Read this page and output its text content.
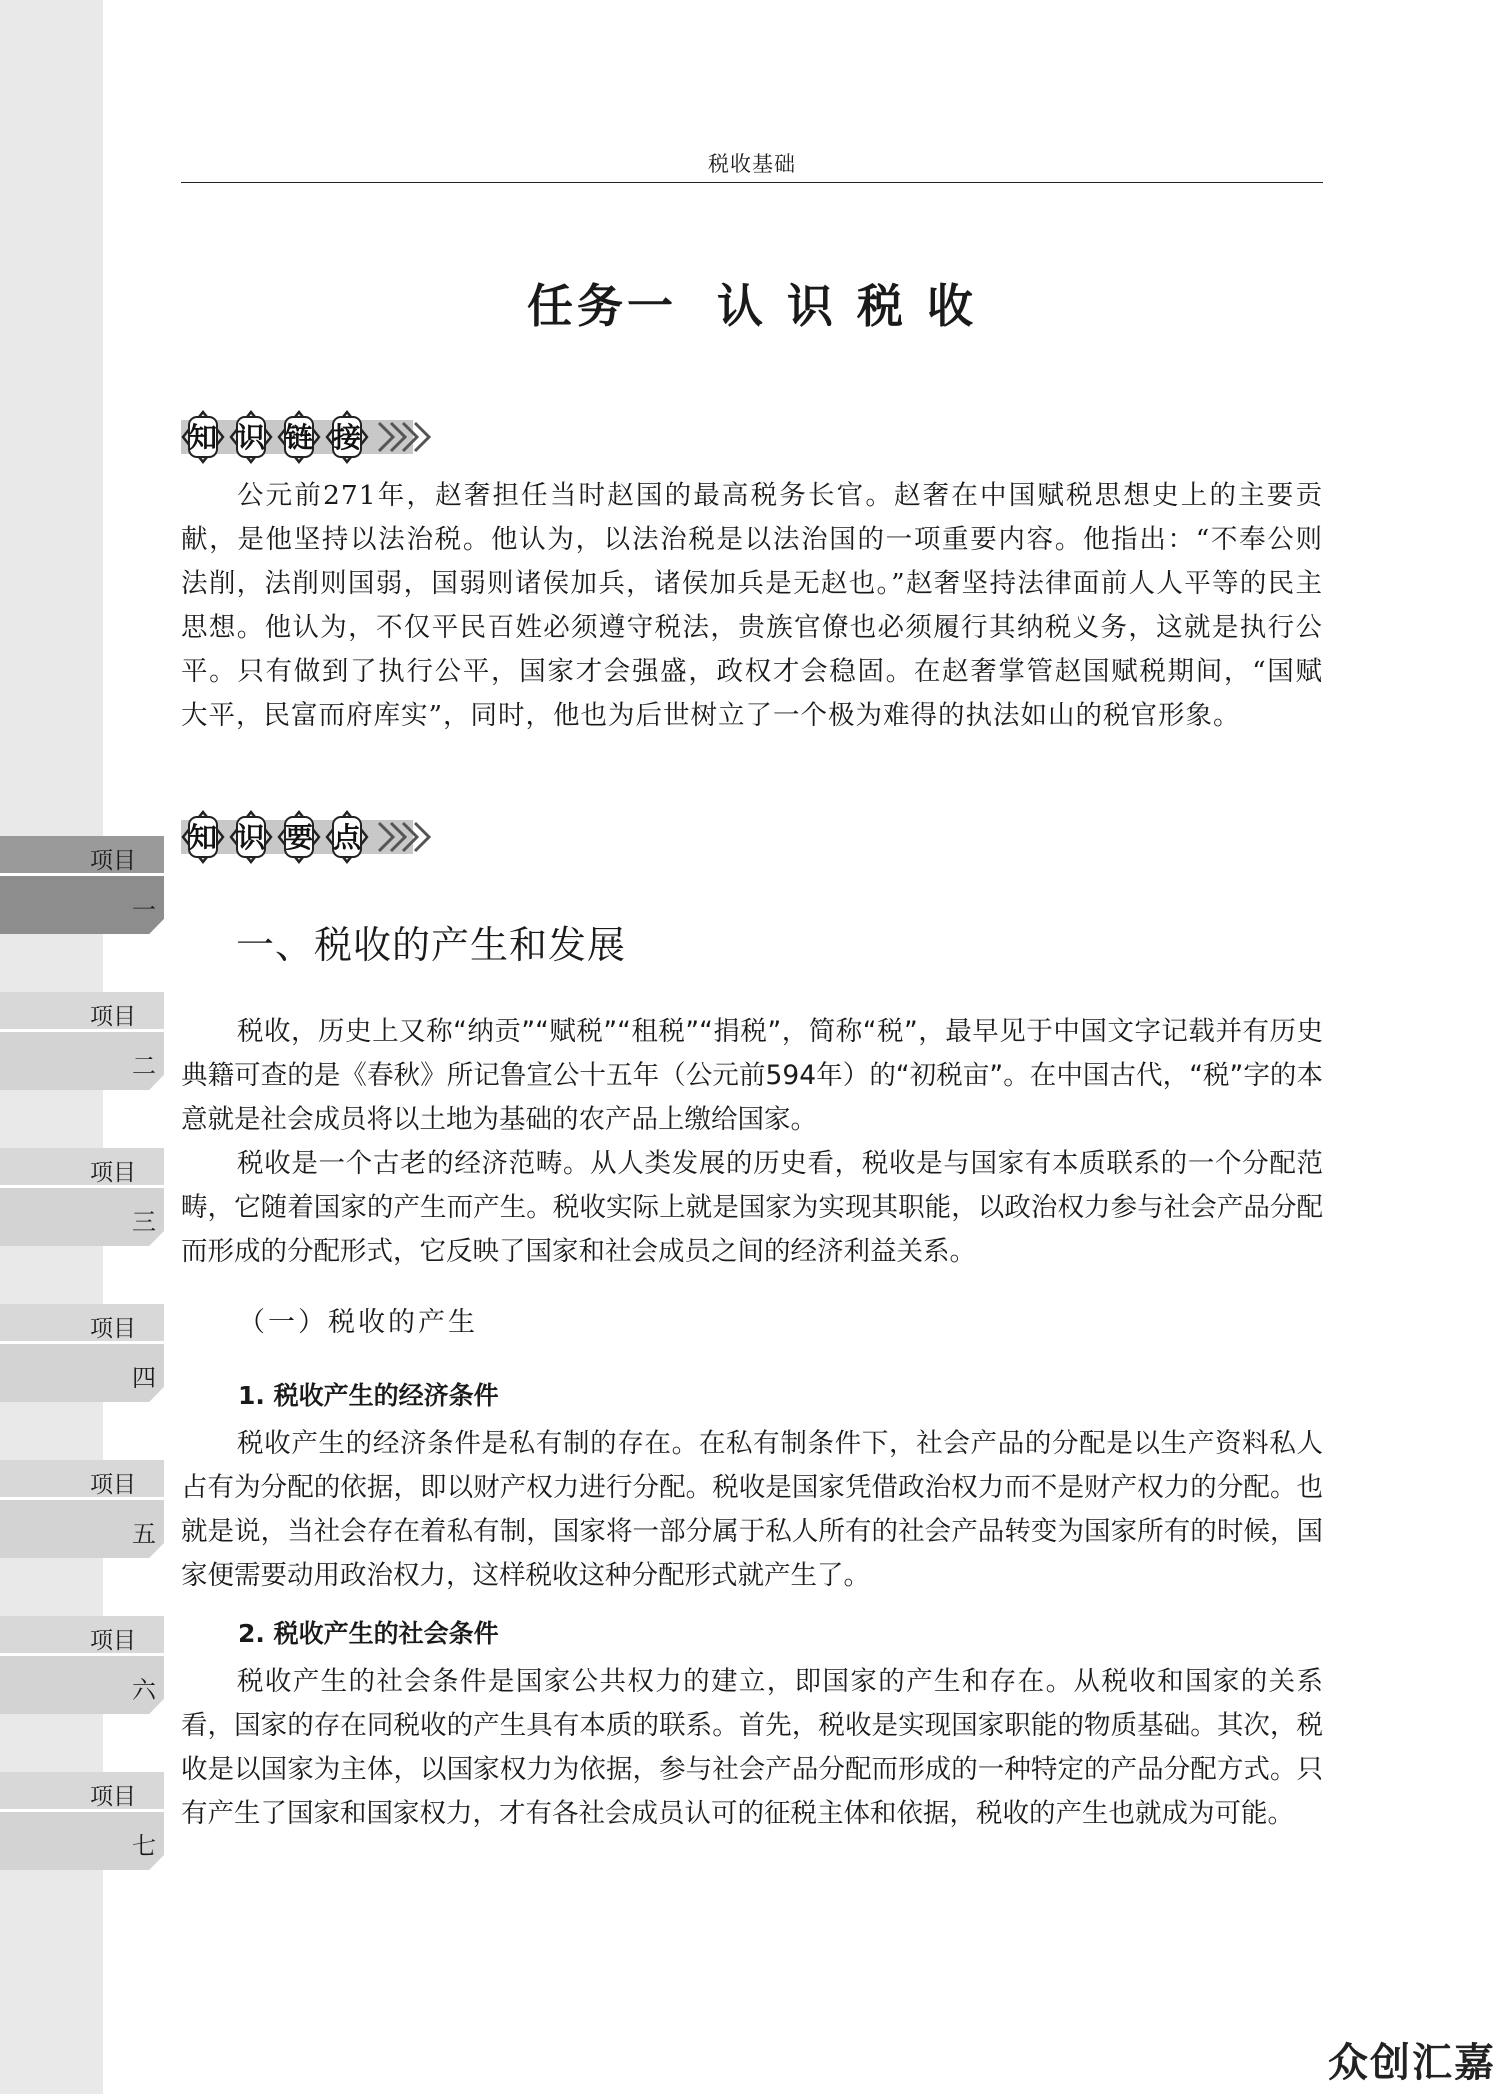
项目
一
项目
二
项目
三
项目
四
项目
五
项目
六
项目
七
税收基础
任务一 认 识 税 收
知 识 链 接

公元前271年，赵奢担任当时赵国的最高税务长官。赵奢在中国赋税思想史上的主要贡献，是他坚持以法治税。他认为，以法治税是以法治国的一项重要内容。他指出：“不奉公则法削，法削则国弱，国弱则诸侯加兵，诸侯加兵是无赵也。”赵奢坚持法律面前人人平等的民主思想。他认为，不仅平民百姓必须遵守税法，贵族官僚也必须履行其纳税义务，这就是执行公平。只有做到了执行公平，国家才会强盛，政权才会稳固。在赵奢掌管赵国赋税期间，“国赋大平，民富而府库实”，同时，他也为后世树立了一个极为难得的执法如山的税官形象。

知 识 要 点
一、税收的产生和发展

税收，历史上又称“纳贡”“赋税”“租税”“捐税”，简称“税”，最早见于中国文字记载并有历史典籍可查的是《春秋》所记鲁宣公十五年（公元前594年）的“初税亩”。在中国古代，“税”字的本意就是社会成员将以土地为基础的农产品上缴给国家。

税收是一个古老的经济范畴。从人类发展的历史看，税收是与国家有本质联系的一个分配范畴，它随着国家的产生而产生。税收实际上就是国家为实现其职能，以政治权力参与社会产品分配而形成的分配形式，它反映了国家和社会成员之间的经济利益关系。

（一）税收的产生
1. 税收产生的经济条件

税收产生的经济条件是私有制的存在。在私有制条件下，社会产品的分配是以生产资料私人占有为分配的依据，即以财产权力进行分配。税收是国家凭借政治权力而不是财产权力的分配。也就是说，当社会存在着私有制，国家将一部分属于私人所有的社会产品转变为国家所有的时候，国家便需要动用政治权力，这样税收这种分配形式就产生了。

2. 税收产生的社会条件

税收产生的社会条件是国家公共权力的建立，即国家的产生和存在。从税收和国家的关系看，国家的存在同税收的产生具有本质的联系。首先，税收是实现国家职能的物质基础。其次，税收是以国家为主体，以国家权力为依据，参与社会产品分配而形成的一种特定的产品分配方式。只有产生了国家和国家权力，才有各社会成员认可的征税主体和依据，税收的产生也就成为可能。

众创汇嘉
